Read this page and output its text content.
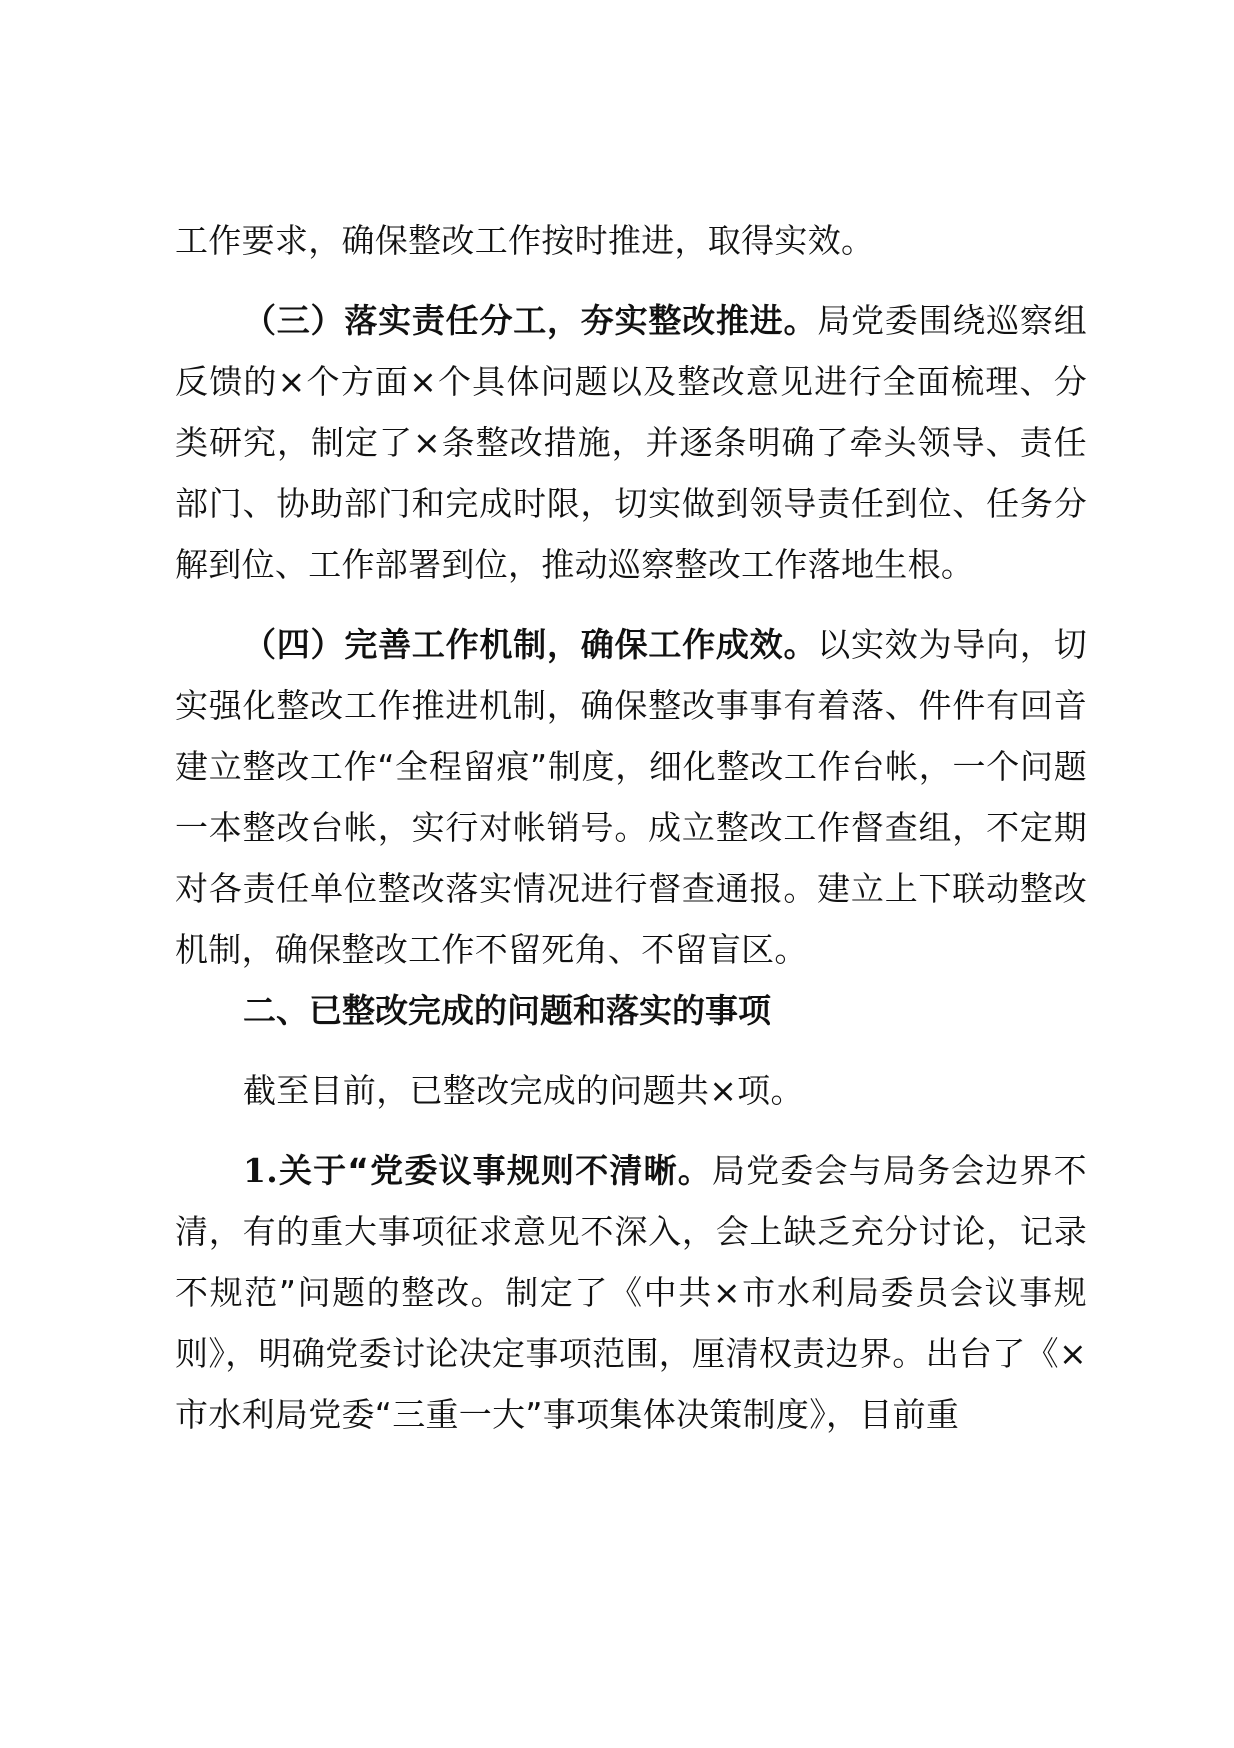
工作要求，确保整改工作按时推进，取得实效。

（三）落实责任分工，夯实整改推进。局党委围绕巡察组反馈的×个方面×个具体问题以及整改意见进行全面梳理、分类研究，制定了×条整改措施，并逐条明确了牵头领导、责任部门、协助部门和完成时限，切实做到领导责任到位、任务分解到位、工作部署到位，推动巡察整改工作落地生根。

（四）完善工作机制，确保工作成效。以实效为导向，切实强化整改工作推进机制，确保整改事事有着落、件件有回音建立整改工作“全程留痕”制度，细化整改工作台帐，一个问题一本整改台帐，实行对帐销号。成立整改工作督查组，不定期对各责任单位整改落实情况进行督查通报。建立上下联动整改机制，确保整改工作不留死角、不留盲区。

二、已整改完成的问题和落实的事项

截至目前，已整改完成的问题共×项。

1.关于“党委议事规则不清晰。局党委会与局务会边界不清，有的重大事项征求意见不深入，会上缺乏充分讨论，记录不规范”问题的整改。制定了《中共×市水利局委员会议事规则》，明确党委讨论决定事项范围，厘清权责边界。出台了《×市水利局党委“三重一大”事项集体决策制度》，目前重
